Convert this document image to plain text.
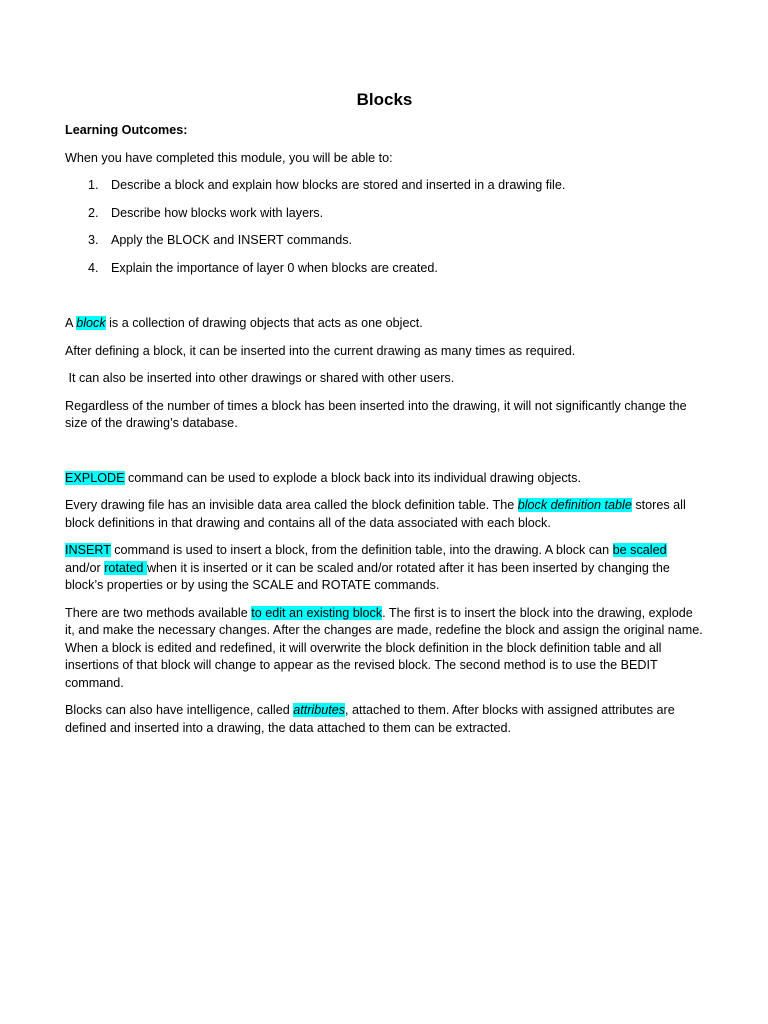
Blocks

Learning Outcomes:

When you have completed this module, you will be able to:

1. Describe a block and explain how blocks are stored and inserted in a drawing file.
2. Describe how blocks work with layers.
3. Apply the BLOCK and INSERT commands.
4. Explain the importance of layer 0 when blocks are created.

A block is a collection of drawing objects that acts as one object.

After defining a block, it can be inserted into the current drawing as many times as required.

It can also be inserted into other drawings or shared with other users.

Regardless of the number of times a block has been inserted into the drawing, it will not significantly change the size of the drawing’s database.

EXPLODE command can be used to explode a block back into its individual drawing objects.

Every drawing file has an invisible data area called the block definition table. The block definition table stores all block definitions in that drawing and contains all of the data associated with each block.

INSERT command is used to insert a block, from the definition table, into the drawing. A block can be scaled and/or rotated when it is inserted or it can be scaled and/or rotated after it has been inserted by changing the block’s properties or by using the SCALE and ROTATE commands.

There are two methods available to edit an existing block. The first is to insert the block into the drawing, explode it, and make the necessary changes. After the changes are made, redefine the block and assign the original name. When a block is edited and redefined, it will overwrite the block definition in the block definition table and all insertions of that block will change to appear as the revised block. The second method is to use the BEDIT command.

Blocks can also have intelligence, called attributes, attached to them. After blocks with assigned attributes are defined and inserted into a drawing, the data attached to them can be extracted.
